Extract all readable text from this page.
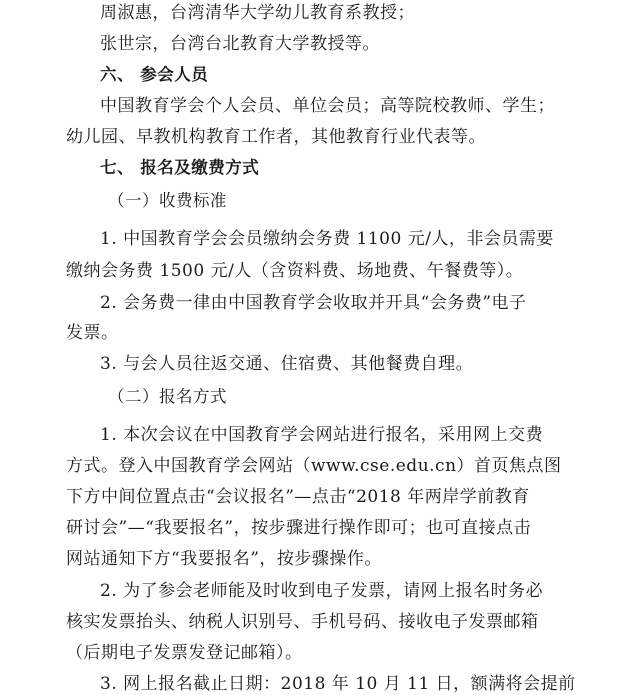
周淑惠，台湾清华大学幼儿教育系教授；
张世宗，台湾台北教育大学教授等。
六、 参会人员
中国教育学会个人会员、单位会员；高等院校教师、学生；
幼儿园、早教机构教育工作者，其他教育行业代表等。
七、 报名及缴费方式
（一）收费标准
1. 中国教育学会会员缴纳会务费 1100 元/人，非会员需要
缴纳会务费 1500 元/人（含资料费、场地费、午餐费等）。
2. 会务费一律由中国教育学会收取并开具“会务费”电子
发票。
3. 与会人员往返交通、住宿费、其他餐费自理。
（二）报名方式
1. 本次会议在中国教育学会网站进行报名，采用网上交费
方式。登入中国教育学会网站（www.cse.edu.cn）首页焦点图
下方中间位置点击“会议报名”—点击“2018 年两岸学前教育
研讨会”—“我要报名”，按步骤进行操作即可；也可直接点击
网站通知下方“我要报名”，按步骤操作。
2. 为了参会老师能及时收到电子发票，请网上报名时务必
核实发票抬头、纳税人识别号、手机号码、接收电子发票邮箱
（后期电子发票发登记邮箱）。
3. 网上报名截止日期：2018 年 10 月 11 日，额满将会提前
